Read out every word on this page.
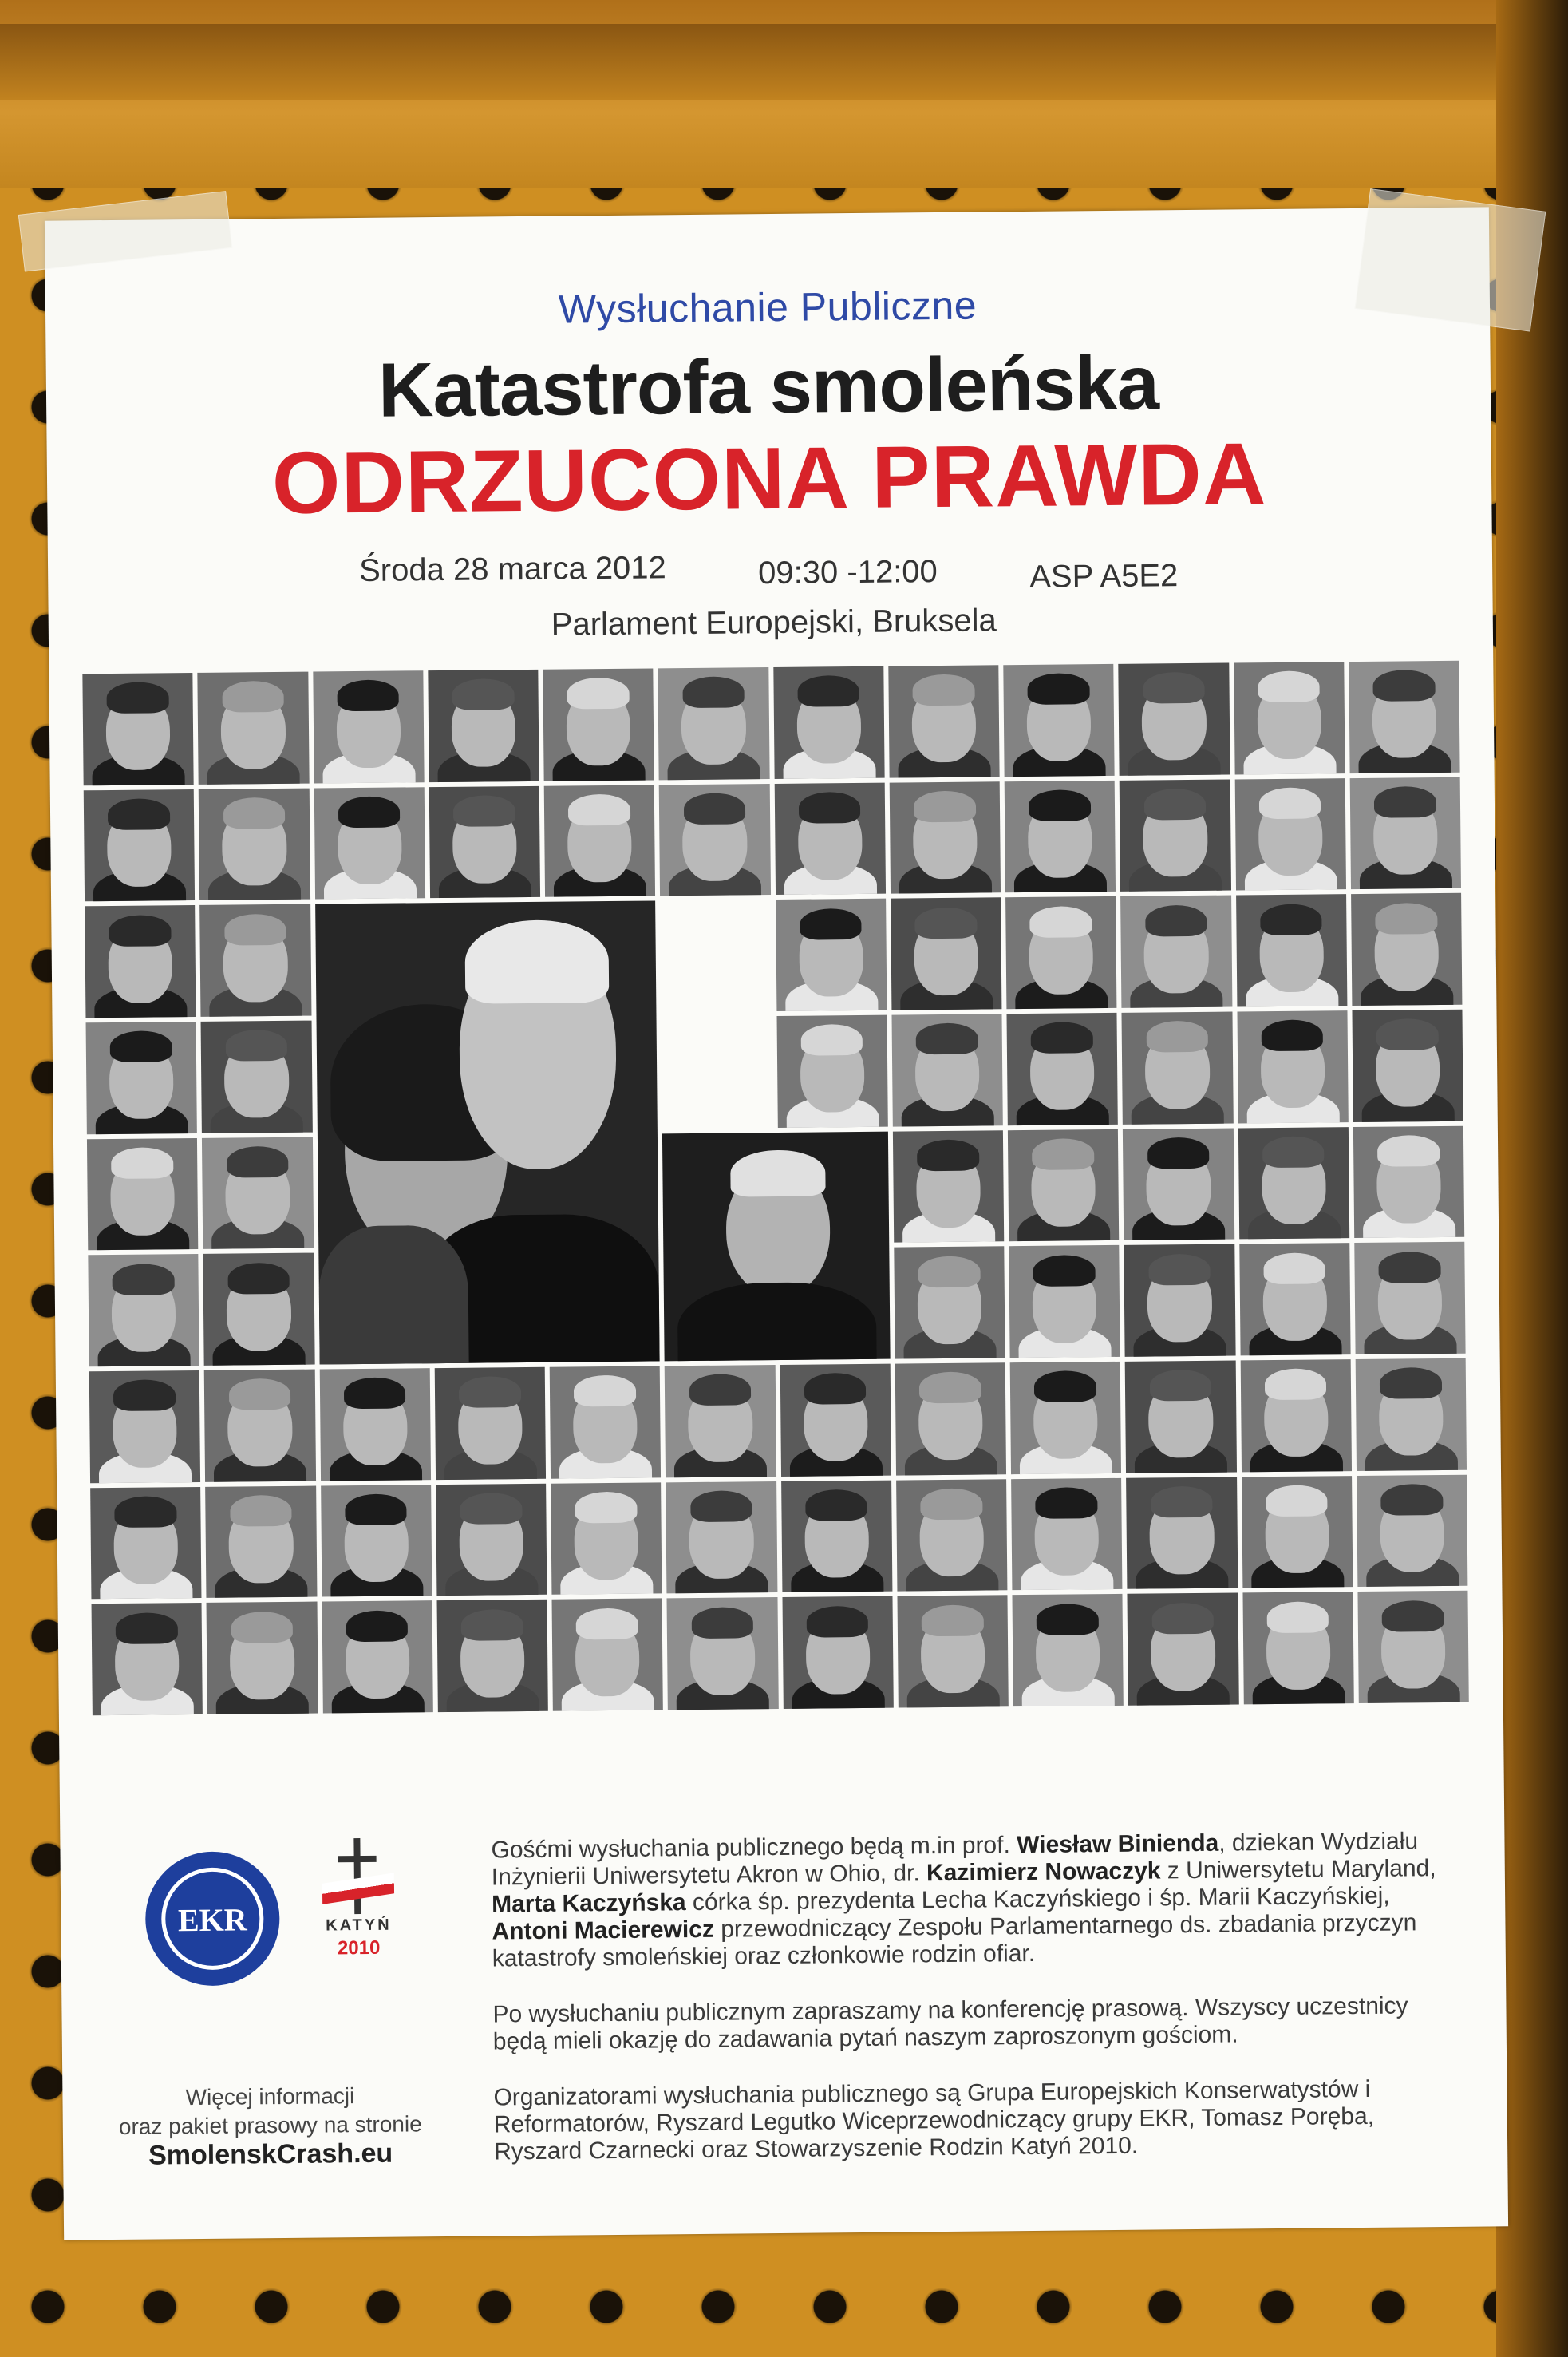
Wysłuchanie Publiczne
Katastrofa smoleńska
ODRZUCONA PRAWDA
Środa 28 marca 2012	09:30 -12:00	ASP A5E2
Parlament Europejski, Bruksela
EKR	KATYŃ
2010

Gośćmi wysłuchania publicznego będą m.in prof. Wiesław Binienda, dziekan Wydziału Inżynierii Uniwersytetu Akron w Ohio, dr. Kazimierz Nowaczyk z Uniwersytetu Maryland, Marta Kaczyńska córka śp. prezydenta Lecha Kaczyńskiego i śp. Marii Kaczyńskiej, Antoni Macierewicz przewodniczący Zespołu Parlamentarnego ds. zbadania przyczyn katastrofy smoleńskiej oraz członkowie rodzin ofiar.

Po wysłuchaniu publicznym zapraszamy na konferencję prasową. Wszyscy uczestnicy będą mieli okazję do zadawania pytań naszym zaproszonym gościom.

Organizatorami wysłuchania publicznego są Grupa Europejskich Konserwatystów i Reformatorów, Ryszard Legutko Wiceprzewodniczący grupy EKR, Tomasz Poręba, Ryszard Czarnecki oraz Stowarzyszenie Rodzin Katyń 2010.

Więcej informacji
oraz pakiet prasowy na stronie
SmolenskCrash.eu
